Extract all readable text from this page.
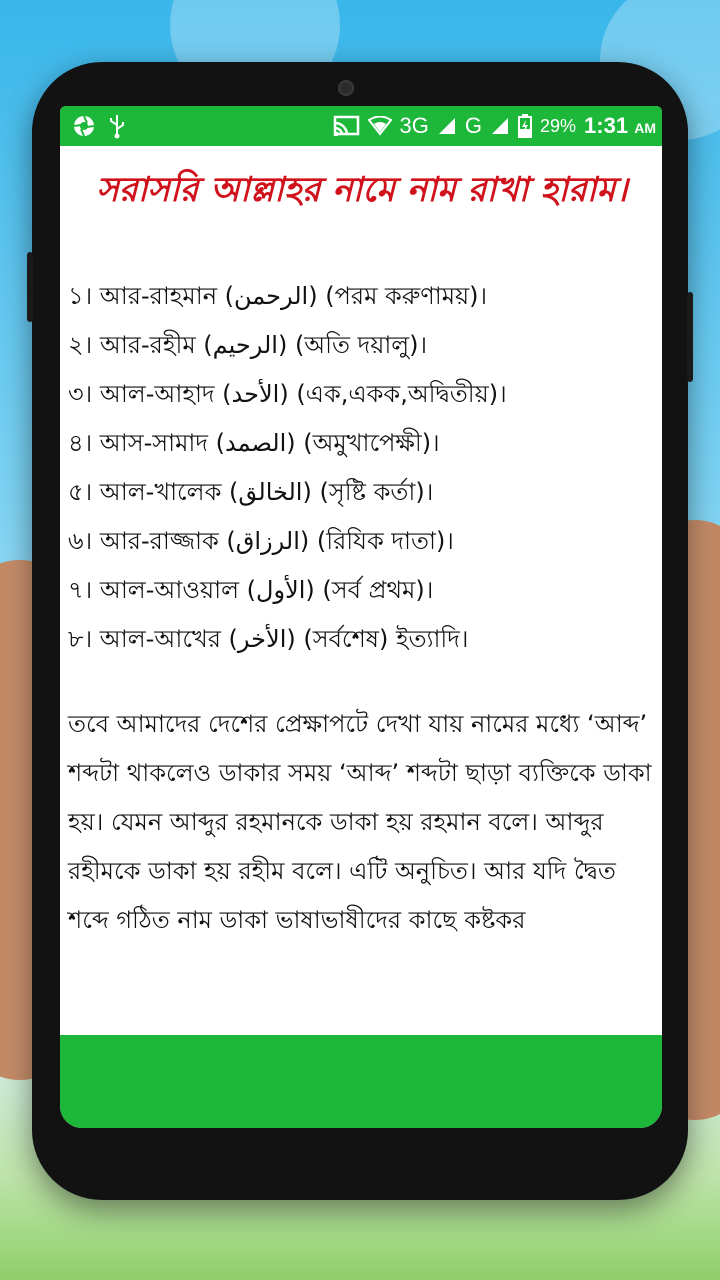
3G G	29% 1:31 AM
সরাসরি আল্লাহর নামে নাম রাখা হারাম।
১। আর-রাহমান (الرحمن) (পরম করুণাময়)।
২। আর-রহীম (الرحيم) (অতি দয়ালু)।
৩। আল-আহাদ (الأحد) (এক,একক,অদ্বিতীয়)।
৪। আস-সামাদ (الصمد) (অমুখাপেক্ষী)।
৫। আল-খালেক (الخالق) (সৃষ্টি কর্তা)।
৬। আর-রাজ্জাক (الرزاق) (রিযিক দাতা)।
৭। আল-আওয়াল (الأول) (সর্ব প্রথম)।
৮। আল-আখের (الأخر) (সর্বশেষ) ইত্যাদি।

তবে আমাদের দেশের প্রেক্ষাপটে দেখা যায় নামের মধ্যে ‘আব্দ’ শব্দটা থাকলেও ডাকার সময় ‘আব্দ’ শব্দটা ছাড়া ব্যক্তিকে ডাকা হয়। যেমন আব্দুর রহমানকে ডাকা হয় রহমান বলে। আব্দুর রহীমকে ডাকা হয় রহীম বলে। এটি অনুচিত। আর যদি দ্বৈত শব্দে গঠিত নাম ডাকা ভাষাভাষীদের কাছে কষ্টকর
